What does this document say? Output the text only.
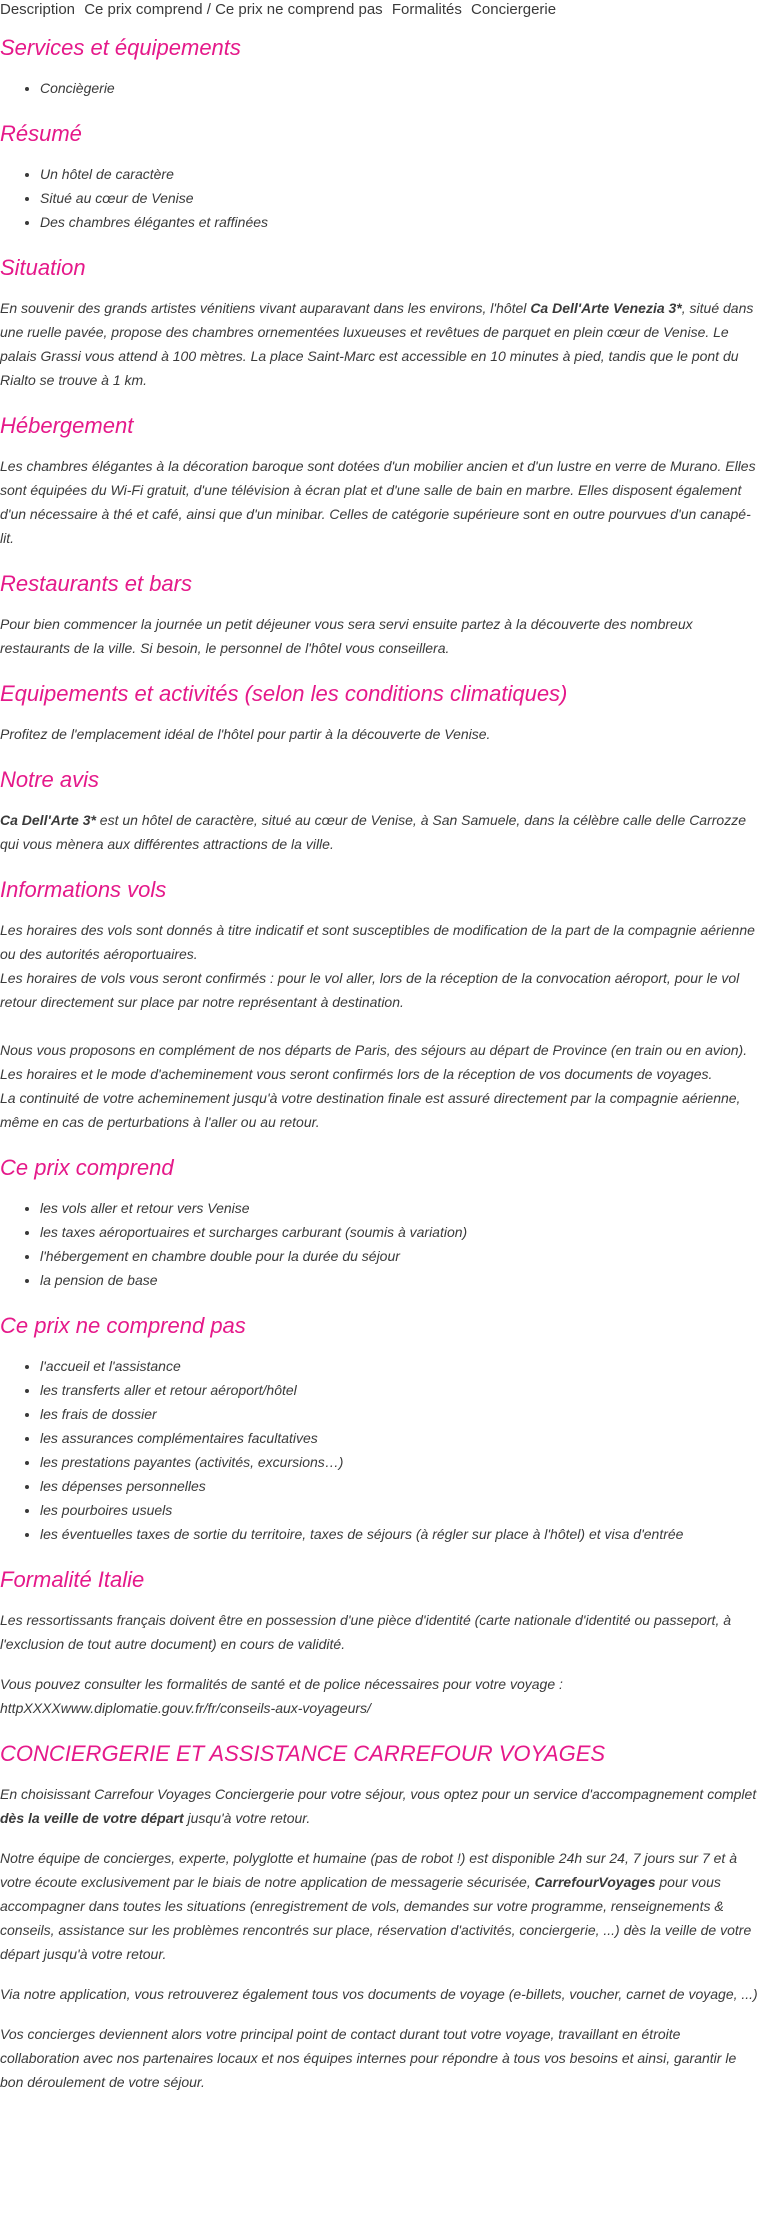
Description Ce prix comprend / Ce prix ne comprend pas Formalités Conciergerie
Services et équipements
• Conciègerie
Résumé
• Un hôtel de caractère
• Situé au cœur de Venise
• Des chambres élégantes et raffinées
Situation

En souvenir des grands artistes vénitiens vivant auparavant dans les environs, l'hôtel Ca Dell'Arte Venezia 3*, situé dans une ruelle pavée, propose des chambres ornementées luxueuses et revêtues de parquet en plein cœur de Venise. Le palais Grassi vous attend à 100 mètres. La place Saint-Marc est accessible en 10 minutes à pied, tandis que le pont du Rialto se trouve à 1 km.

Hébergement

Les chambres élégantes à la décoration baroque sont dotées d'un mobilier ancien et d'un lustre en verre de Murano. Elles sont équipées du Wi-Fi gratuit, d'une télévision à écran plat et d'une salle de bain en marbre. Elles disposent également d'un nécessaire à thé et café, ainsi que d'un minibar. Celles de catégorie supérieure sont en outre pourvues d'un canapé-lit.

Restaurants et bars

Pour bien commencer la journée un petit déjeuner vous sera servi ensuite partez à la découverte des nombreux restaurants de la ville. Si besoin, le personnel de l'hôtel vous conseillera.

Equipements et activités (selon les conditions climatiques)

Profitez de l'emplacement idéal de l'hôtel pour partir à la découverte de Venise.

Notre avis

Ca Dell'Arte 3* est un hôtel de caractère, situé au cœur de Venise, à San Samuele, dans la célèbre calle delle Carrozze qui vous mènera aux différentes attractions de la ville.

Informations vols

Les horaires des vols sont donnés à titre indicatif et sont susceptibles de modification de la part de la compagnie aérienne ou des autorités aéroportuaires.

Les horaires de vols vous seront confirmés : pour le vol aller, lors de la réception de la convocation aéroport, pour le vol retour directement sur place par notre représentant à destination.

Nous vous proposons en complément de nos départs de Paris, des séjours au départ de Province (en train ou en avion).

Les horaires et le mode d'acheminement vous seront confirmés lors de la réception de vos documents de voyages.

La continuité de votre acheminement jusqu'à votre destination finale est assuré directement par la compagnie aérienne, même en cas de perturbations à l'aller ou au retour.

Ce prix comprend
• les vols aller et retour vers Venise
• les taxes aéroportuaires et surcharges carburant (soumis à variation)
• l'hébergement en chambre double pour la durée du séjour
• la pension de base
Ce prix ne comprend pas
• l'accueil et l'assistance
• les transferts aller et retour aéroport/hôtel
• les frais de dossier
• les assurances complémentaires facultatives
• les prestations payantes (activités, excursions…)
• les dépenses personnelles
• les pourboires usuels
• les éventuelles taxes de sortie du territoire, taxes de séjours (à régler sur place à l'hôtel) et visa d'entrée
Formalité Italie

Les ressortissants français doivent être en possession d'une pièce d'identité (carte nationale d'identité ou passeport, à l'exclusion de tout autre document) en cours de validité.

Vous pouvez consulter les formalités de santé et de police nécessaires pour votre voyage : httpXXXXwww.diplomatie.gouv.fr/fr/conseils-aux-voyageurs/

CONCIERGERIE ET ASSISTANCE CARREFOUR VOYAGES

En choisissant Carrefour Voyages Conciergerie pour votre séjour, vous optez pour un service d'accompagnement complet dès la veille de votre départ jusqu'à votre retour.

Notre équipe de concierges, experte, polyglotte et humaine (pas de robot !) est disponible 24h sur 24, 7 jours sur 7 et à votre écoute exclusivement par le biais de notre application de messagerie sécurisée, CarrefourVoyages pour vous accompagner dans toutes les situations (enregistrement de vols, demandes sur votre programme, renseignements & conseils, assistance sur les problèmes rencontrés sur place, réservation d'activités, conciergerie, ...) dès la veille de votre départ jusqu'à votre retour.

Via notre application, vous retrouverez également tous vos documents de voyage (e-billets, voucher, carnet de voyage, ...)

Vos concierges deviennent alors votre principal point de contact durant tout votre voyage, travaillant en étroite collaboration avec nos partenaires locaux et nos équipes internes pour répondre à tous vos besoins et ainsi, garantir le bon déroulement de votre séjour.
